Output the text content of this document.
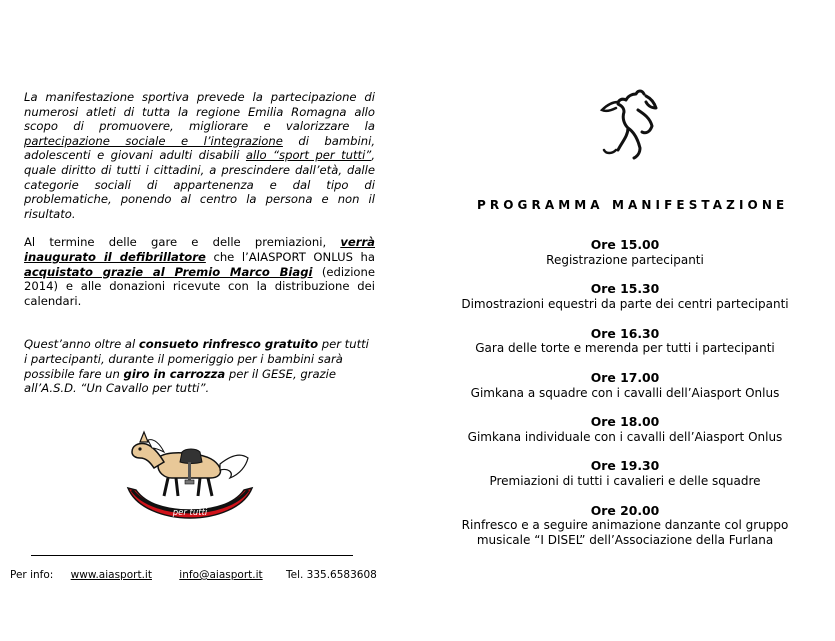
La manifestazione sportiva prevede la partecipazione di numerosi atleti di tutta la regione Emilia Romagna allo scopo di promuovere, migliorare e valorizzare la partecipazione sociale e l’integrazione di bambini, adolescenti e giovani adulti disabili allo “sport per tutti”, quale diritto di tutti i cittadini, a prescindere dall’età, dalle categorie sociali di appartenenza e dal tipo di problematiche, ponendo al centro la persona e non il risultato.

Al termine delle gare e delle premiazioni, verrà inaugurato il defibrillatore che l’AIASPORT ONLUS ha acquistato grazie al Premio Marco Biagi (edizione 2014) e alle donazioni ricevute con la distribuzione dei calendari.

Quest’anno oltre al consueto rinfresco gratuito per tutti i partecipanti, durante il pomeriggio per i bambini sarà possibile fare un giro in carrozza per il GESE, grazie all’A.S.D. “Un Cavallo per tutti”.

Un cavallo
per tutti
Per info: www.aiasport.it	info@aiasport.it Tel. 335.6583608
PROGRAMMA MANIFESTAZIONE
Ore 15.00
Registrazione partecipanti
Ore 15.30
Dimostrazioni equestri da parte dei centri partecipanti
Ore 16.30
Gara delle torte e merenda per tutti i partecipanti
Ore 17.00
Gimkana a squadre con i cavalli dell’Aiasport Onlus
Ore 18.00
Gimkana individuale con i cavalli dell’Aiasport Onlus
Ore 19.30
Premiazioni di tutti i cavalieri e delle squadre
Ore 20.00
Rinfresco e a seguire animazione danzante col gruppo
musicale “I DISEL” dell’Associazione della Furlana
